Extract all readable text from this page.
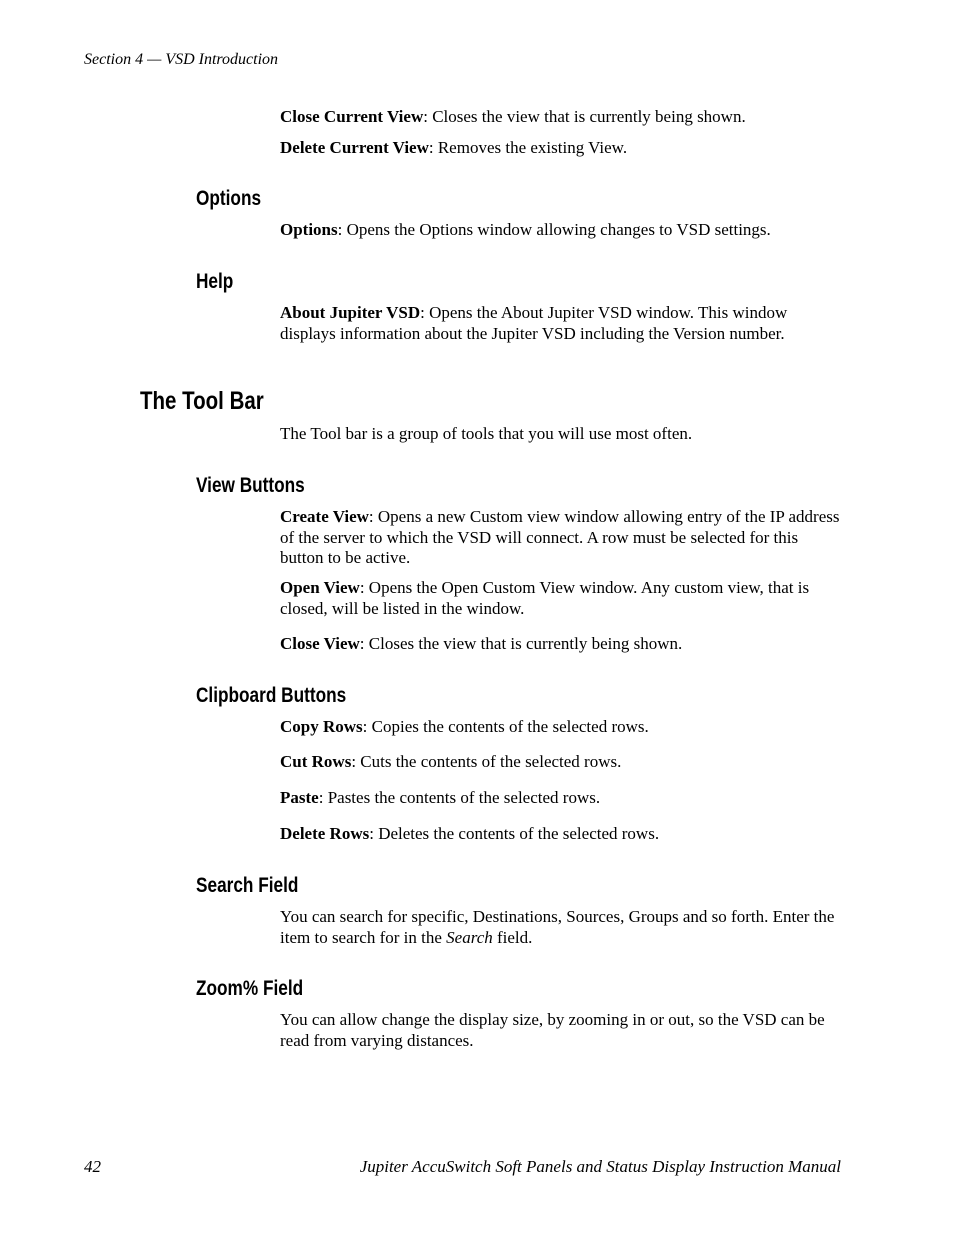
Section 4 — VSD Introduction
Close Current View: Closes the view that is currently being shown.
Delete Current View: Removes the existing View.
Options
Options: Opens the Options window allowing changes to VSD settings.
Help
About Jupiter VSD: Opens the About Jupiter VSD window. This window displays information about the Jupiter VSD including the Version number.
The Tool Bar
The Tool bar is a group of tools that you will use most often.
View Buttons
Create View: Opens a new Custom view window allowing entry of the IP address of the server to which the VSD will connect. A row must be selected for this button to be active.
Open View: Opens the Open Custom View window. Any custom view, that is closed, will be listed in the window.
Close View: Closes the view that is currently being shown.
Clipboard Buttons
Copy Rows: Copies the contents of the selected rows.
Cut Rows: Cuts the contents of the selected rows.
Paste: Pastes the contents of the selected rows.
Delete Rows: Deletes the contents of the selected rows.
Search Field
You can search for specific, Destinations, Sources, Groups and so forth. Enter the item to search for in the Search field.
Zoom% Field
You can allow change the display size, by zooming in or out, so the VSD can be read from varying distances.
42	Jupiter AccuSwitch Soft Panels and Status Display Instruction Manual
